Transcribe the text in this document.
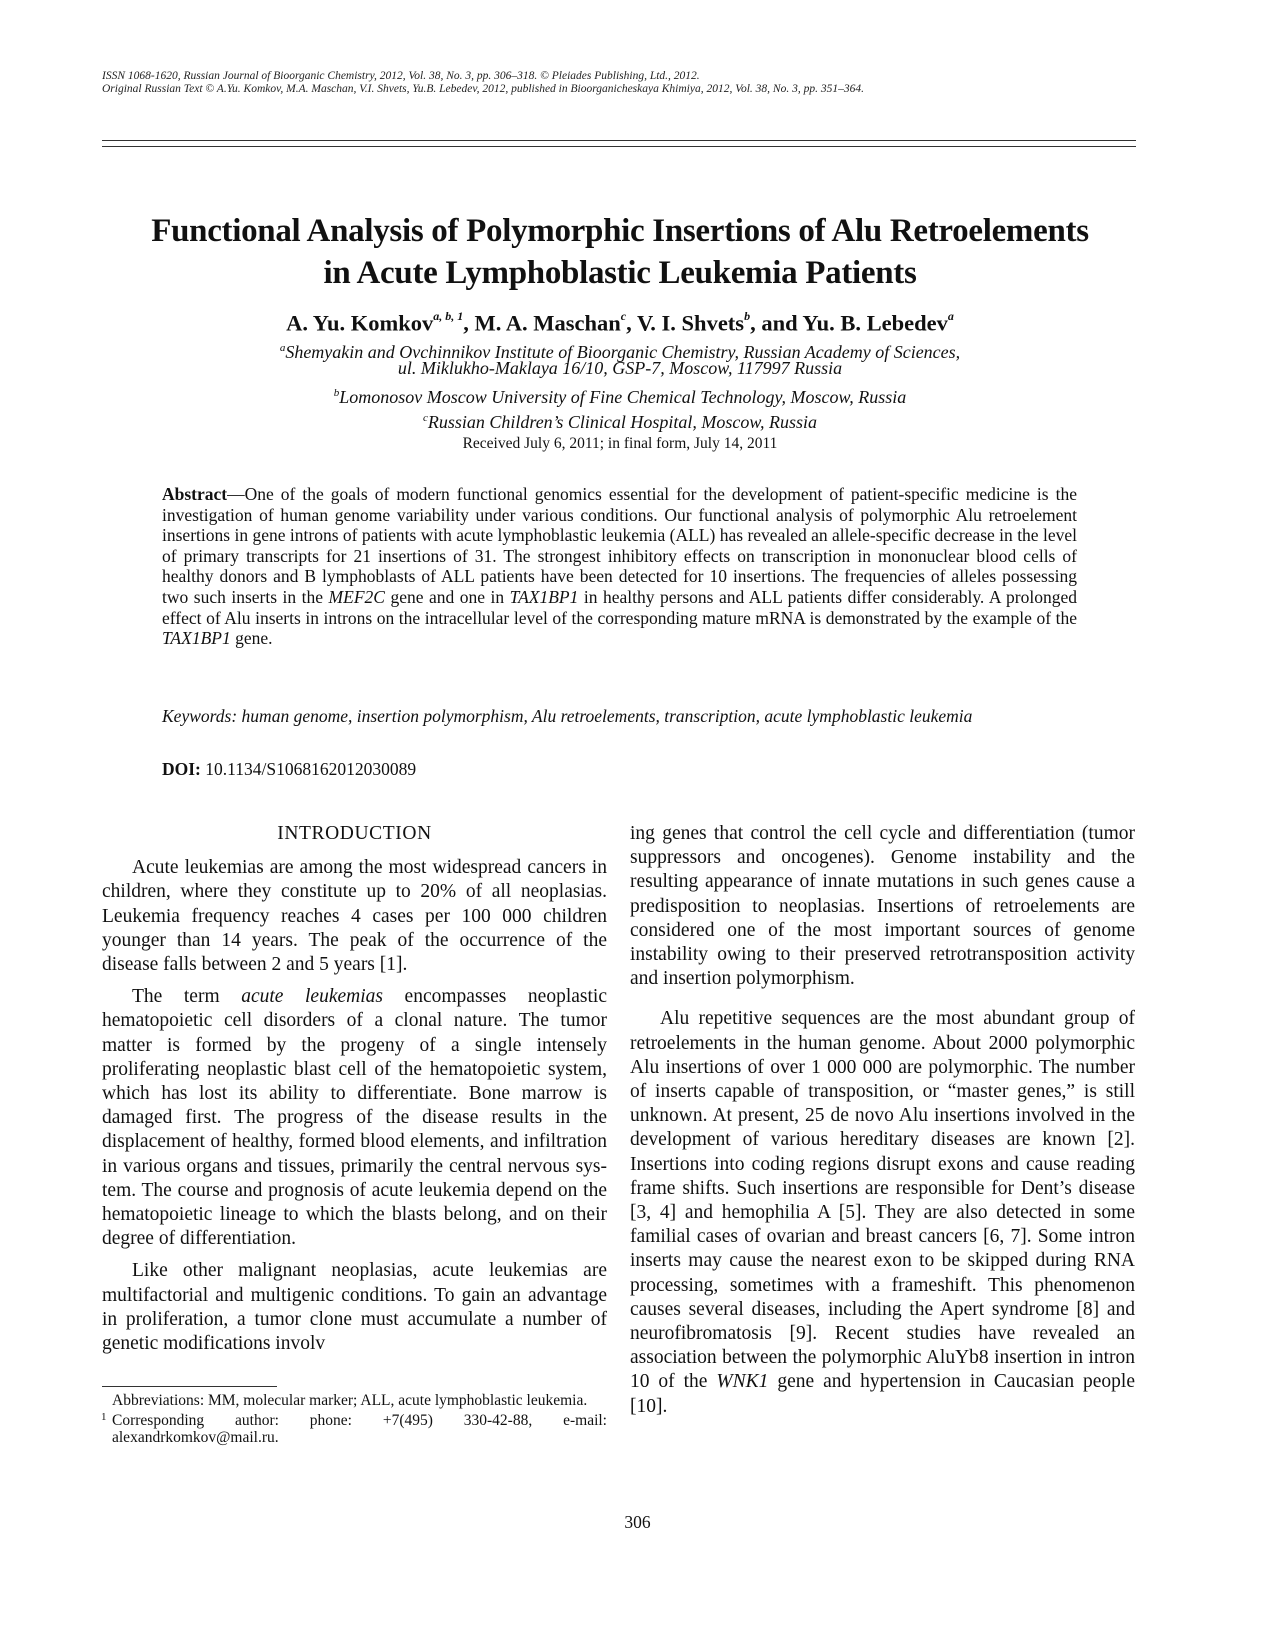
ISSN 1068-1620, Russian Journal of Bioorganic Chemistry, 2012, Vol. 38, No. 3, pp. 306–318. © Pleiades Publishing, Ltd., 2012.
Original Russian Text © A.Yu. Komkov, M.A. Maschan, V.I. Shvets, Yu.B. Lebedev, 2012, published in Bioorganicheskaya Khimiya, 2012, Vol. 38, No. 3, pp. 351–364.
Functional Analysis of Polymorphic Insertions of Alu Retroelements
in Acute Lymphoblastic Leukemia Patients
A. Yu. Komkov$^{a, b, 1}$, M. A. Maschan$^c$, V. I. Shvets$^b$, and Yu. B. Lebedev$^a$
$^a$Shemyakin and Ovchinnikov Institute of Bioorganic Chemistry, Russian Academy of Sciences,
ul. Miklukho-Maklaya 16/10, GSP-7, Moscow, 117997 Russia
$^b$Lomonosov Moscow University of Fine Chemical Technology, Moscow, Russia
$^c$Russian Children’s Clinical Hospital, Moscow, Russia
Received July 6, 2011; in final form, July 14, 2011
Abstract—One of the goals of modern functional genomics essential for the development of patient-specific medicine is the investigation of human genome variability under various conditions. Our functional analysis of polymorphic Alu retroelement insertions in gene introns of patients with acute lymphoblastic leukemia (ALL) has revealed an allele-specific decrease in the level of primary transcripts for 21 insertions of 31. The strongest inhibitory effects on transcription in mononuclear blood cells of healthy donors and B lymphoblasts of ALL patients have been detected for 10 insertions. The frequencies of alleles possessing two such inserts in the MEF2C gene and one in TAX1BP1 in healthy persons and ALL patients differ considerably. A prolonged effect of Alu inserts in introns on the intracellular level of the corresponding mature mRNA is demonstrated by the example of the TAX1BP1 gene.
Keywords: human genome, insertion polymorphism, Alu retroelements, transcription, acute lymphoblastic leukemia
DOI: 10.1134/S1068162012030089
INTRODUCTION

Acute leukemias are among the most widespread cancers in children, where they constitute up to 20% of all neoplasias. Leukemia frequency reaches 4 cases per 100 000 children younger than 14 years. The peak of the occurrence of the disease falls between 2 and 5 years [1].

The term acute leukemias encompasses neoplastic hematopoietic cell disorders of a clonal nature. The tumor matter is formed by the progeny of a single intensely proliferating neoplastic blast cell of the hematopoietic system, which has lost its ability to differentiate. Bone marrow is damaged first. The progress of the disease results in the displacement of healthy, formed blood elements, and infiltration in various organs and tissues, primarily the central nervous system. The course and prognosis of acute leukemia depend on the hematopoietic lineage to which the blasts belong, and on their degree of differentiation.

Like other malignant neoplasias, acute leukemias are multifactorial and multigenic conditions. To gain an advantage in proliferation, a tumor clone must accumulate a number of genetic modifications involv

ing genes that control the cell cycle and differentiation (tumor suppressors and oncogenes). Genome instability and the resulting appearance of innate mutations in such genes cause a predisposition to neoplasias. Insertions of retroelements are considered one of the most important sources of genome instability owing to their preserved retrotransposition activity and insertion polymorphism.

Alu repetitive sequences are the most abundant group of retroelements in the human genome. About 2000 polymorphic Alu insertions of over 1 000 000 are polymorphic. The number of inserts capable of transposition, or “master genes,” is still unknown. At present, 25 de novo Alu insertions involved in the development of various hereditary diseases are known [2]. Insertions into coding regions disrupt exons and cause reading frame shifts. Such insertions are responsible for Dent’s disease [3, 4] and hemophilia A [5]. They are also detected in some familial cases of ovarian and breast cancers [6, 7]. Some intron inserts may cause the nearest exon to be skipped during RNA processing, sometimes with a frameshift. This phenomenon causes several diseases, including the Apert syndrome [8] and neurofibromatosis [9]. Recent studies have revealed an association between the polymorphic AluYb8 insertion in intron 10 of the WNK1 gene and hypertension in Caucasian people [10].

Abbreviations: MM, molecular marker; ALL, acute lymphoblastic leukemia.
1 Corresponding author: phone: +7(495) 330-42-88, e-mail: alexandrkomkov@mail.ru.
306
